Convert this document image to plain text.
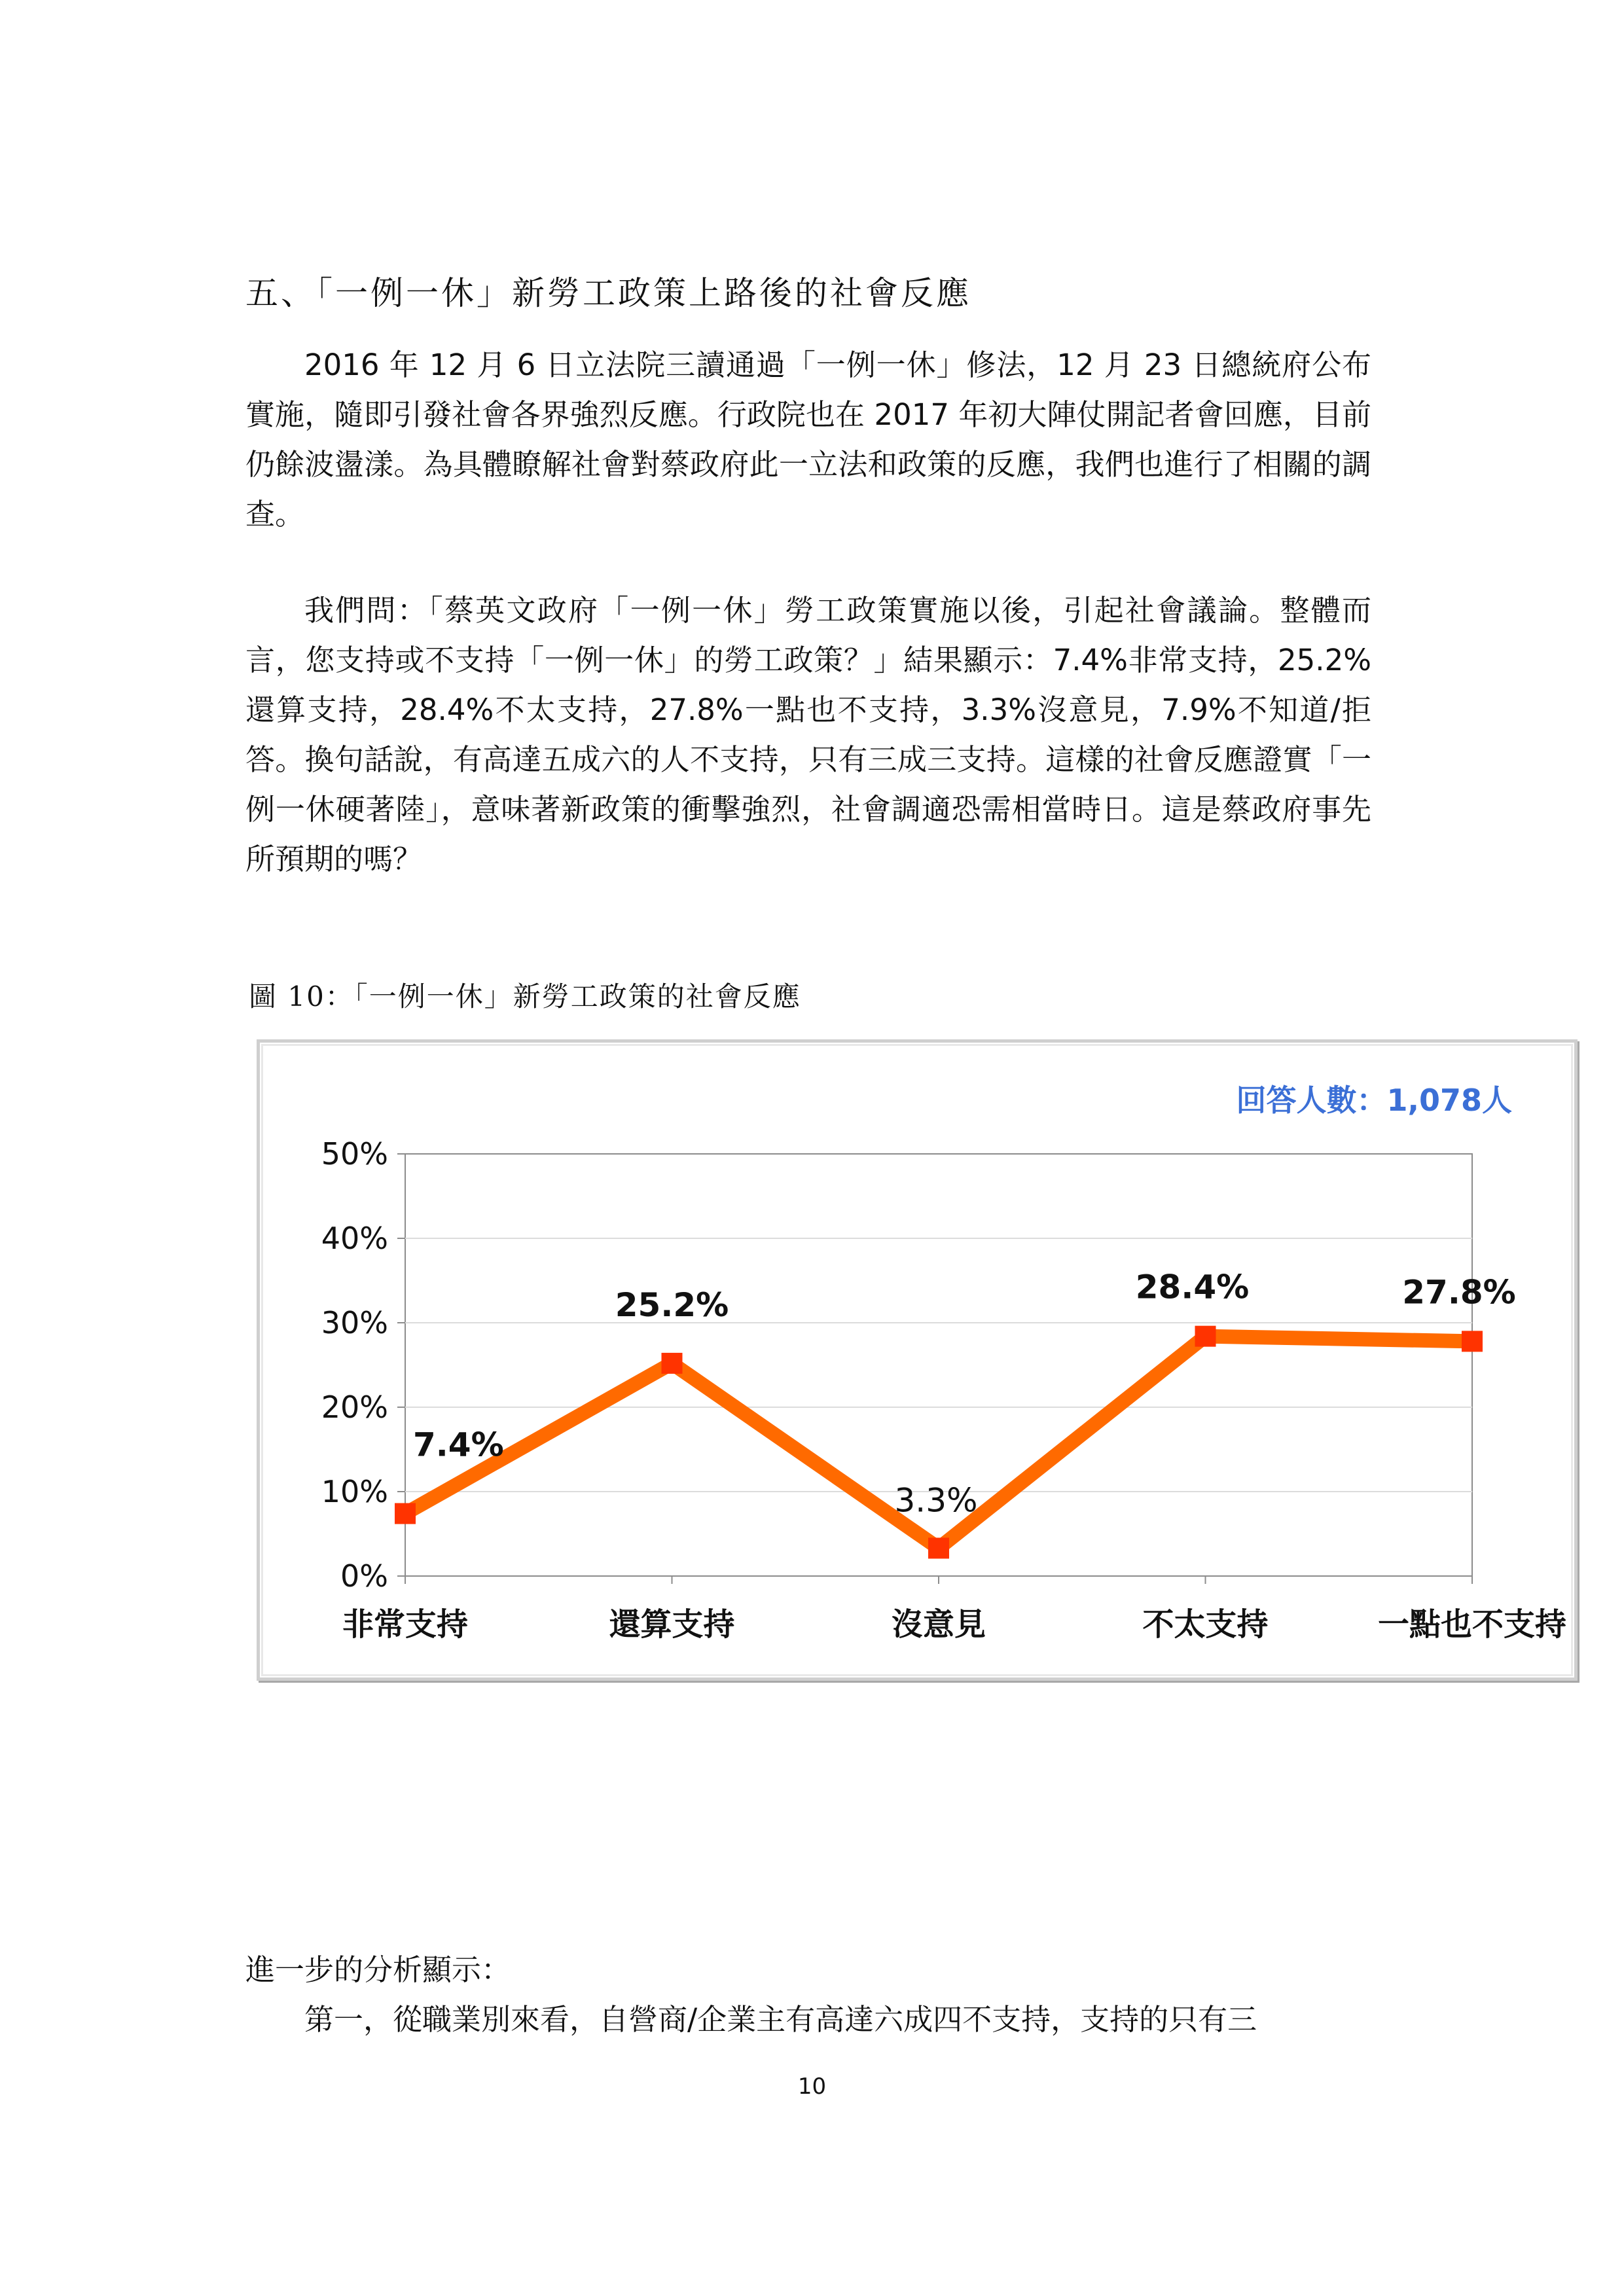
五、「一例一休」新勞工政策上路後的社會反應

2016 年 12 月 6 日立法院三讀通過「一例一休」修法，12 月 23 日總統府公布實施，隨即引發社會各界強烈反應。行政院也在 2017 年初大陣仗開記者會回應，目前仍餘波盪漾。為具體瞭解社會對蔡政府此一立法和政策的反應，我們也進行了相關的調查。

我們問：「蔡英文政府「一例一休」勞工政策實施以後，引起社會議論。整體而言，您支持或不支持「一例一休」的勞工政策？」結果顯示：7.4%非常支持，25.2%還算支持，28.4%不太支持，27.8%一點也不支持，3.3%沒意見，7.9%不知道/拒答。換句話說，有高達五成六的人不支持，只有三成三支持。這樣的社會反應證實「一例一休硬著陸」，意味著新政策的衝擊強烈，社會調適恐需相當時日。這是蔡政府事先所預期的嗎？

圖 10：「一例一休」新勞工政策的社會反應

0%
10%
20%
30%
40%
50%
非常支持	還算支持	沒意見	不太支持	一點也不支持
7.4%
25.2%
3.3%
28.4%	27.8%

回答人數：1,078人

進一步的分析顯示：

第一，從職業別來看，自營商/企業主有高達六成四不支持，支持的只有三

10
